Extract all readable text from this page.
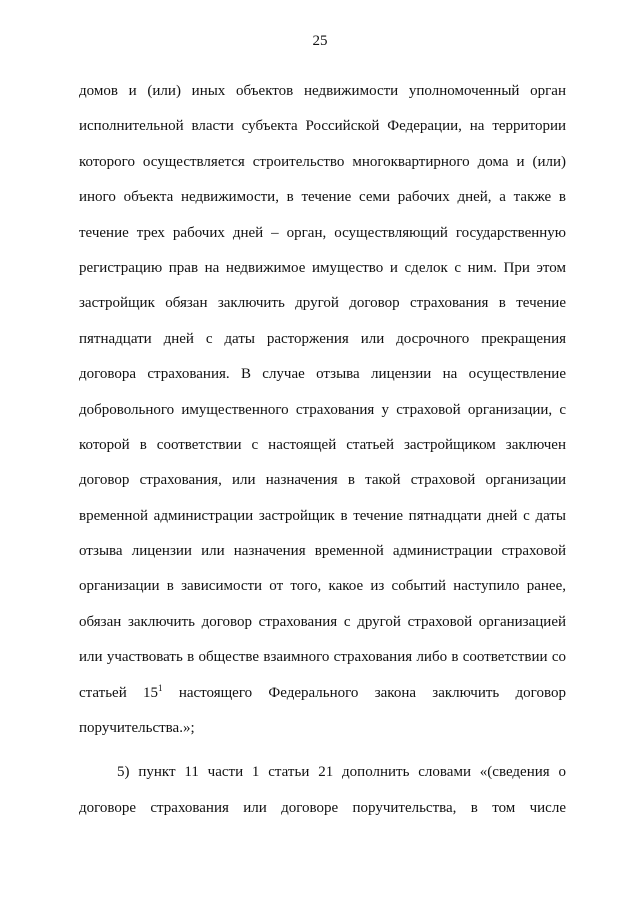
25
домов и (или) иных объектов недвижимости уполномоченный орган
исполнительной власти субъекта Российской Федерации, на территории
которого осуществляется строительство многоквартирного дома и (или)
иного объекта недвижимости, в течение семи рабочих дней, а также в
течение трех рабочих дней – орган, осуществляющий государственную
регистрацию прав на недвижимое имущество и сделок с ним. При этом
застройщик обязан заключить другой договор страхования в течение
пятнадцати дней с даты расторжения или досрочного прекращения
договора страхования. В случае отзыва лицензии на осуществление
добровольного имущественного страхования у страховой организации, с
которой в соответствии с настоящей статьей застройщиком заключен
договор страхования, или назначения в такой страховой организации
временной администрации застройщик в течение пятнадцати дней с даты
отзыва лицензии или назначения временной администрации страховой
организации в зависимости от того, какое из событий наступило ранее,
обязан заключить договор страхования с другой страховой организацией
или участвовать в обществе взаимного страхования либо в соответствии со
статьей 151 настоящего Федерального закона заключить договор
поручительства.»;
5) пункт 11 части 1 статьи 21 дополнить словами «(сведения о
договоре страхования или договоре поручительства, в том числе
